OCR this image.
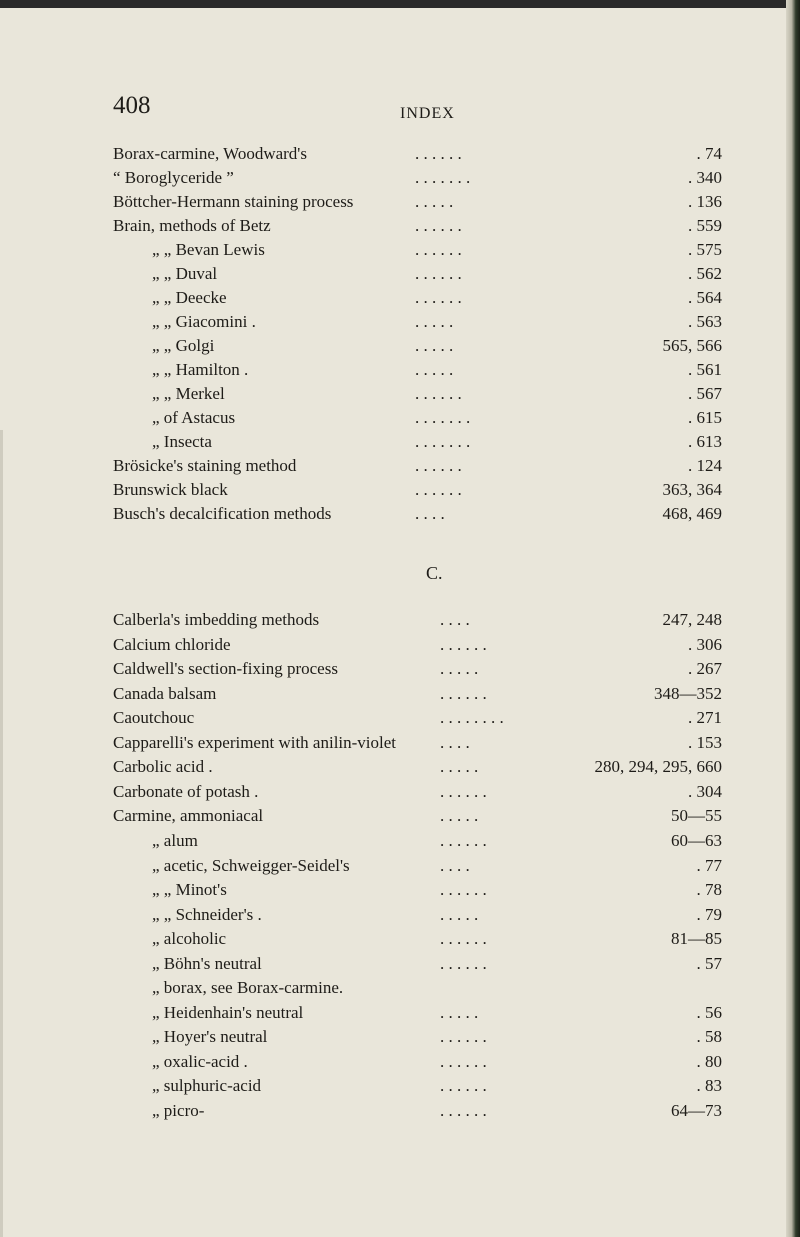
408	INDEX
Borax-carmine, Woodward's	. . . . . .	. 74
“ Boroglyceride ”	. . . . . . .	. 340
Böttcher-Hermann staining process	. . . . .	. 136
Brain, methods of Betz	. . . . . .	. 559
„ „ Bevan Lewis	. . . . . .	. 575
„ „ Duval	. . . . . .	. 562
„ „ Deecke	. . . . . .	. 564
„ „ Giacomini .	. . . . .	. 563
„ „ Golgi	. . . . .	565, 566
„ „ Hamilton .	. . . . .	. 561
„ „ Merkel	. . . . . .	. 567
„ of Astacus	. . . . . . .	. 615
„ Insecta	. . . . . . .	. 613
Brösicke's staining method	. . . . . .	. 124
Brunswick black	. . . . . .	363, 364
Busch's decalcification methods	. . . .	468, 469
C.
Calberla's imbedding methods	. . . .	247, 248
Calcium chloride	. . . . . .	. 306
Caldwell's section-fixing process	. . . . .	. 267
Canada balsam	. . . . . .	348—352
Caoutchouc	. . . . . . . .	. 271
Capparelli's experiment with anilin-violet	. . . .	. 153
Carbolic acid .	. . . . .	280, 294, 295, 660
Carbonate of potash .	. . . . . .	. 304
Carmine, ammoniacal	. . . . .	50—55
„ alum	. . . . . .	60—63
„ acetic, Schweigger-Seidel's	. . . .	. 77
„ „ Minot's	. . . . . .	. 78
„ „ Schneider's .	. . . . .	. 79
„ alcoholic	. . . . . .	81—85
„ Böhn's neutral	. . . . . .	. 57
„ borax, see Borax-carmine.
„ Heidenhain's neutral	. . . . .	. 56
„ Hoyer's neutral	. . . . . .	. 58
„ oxalic-acid .	. . . . . .	. 80
„ sulphuric-acid	. . . . . .	. 83
„ picro-	. . . . . .	64—73
